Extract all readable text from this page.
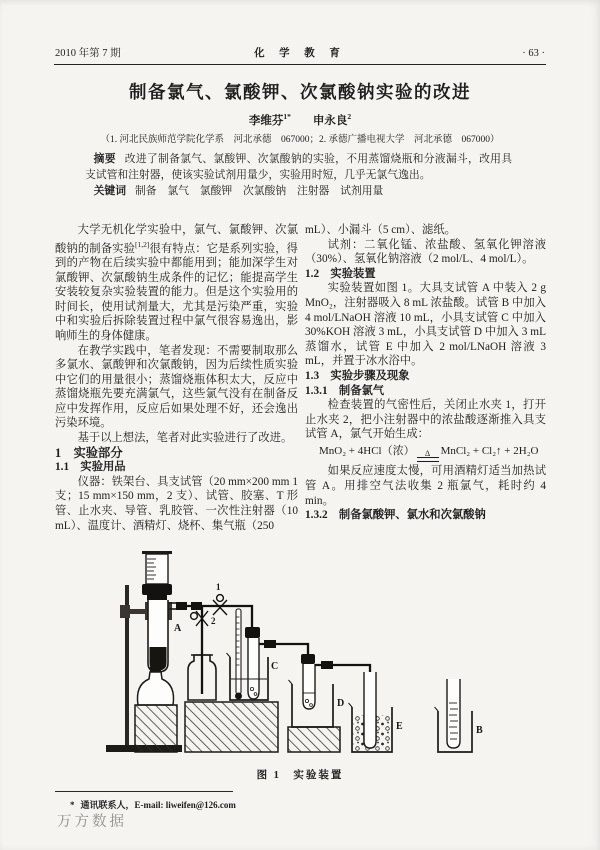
2010 年第 7 期	化 学 教 育	· 63 ·
制备氯气、氯酸钾、次氯酸钠实验的改进
李维芬$^{1*}$ 申永良$^2$
（1. 河北民族师范学院化学系　河北承德　067000；2. 承德广播电视大学　河北承德　067000）

摘要 改进了制备氯气、氯酸钾、次氯酸钠的实验，不用蒸馏烧瓶和分液漏斗，改用具支试管和注射器，使该实验试剂用量少，实验用时短，几乎无氯气逸出。

关键词 制备　氯气　氯酸钾　次氯酸钠　注射器　试剂用量

大学无机化学实验中，氯气、氯酸钾、次氯酸钠的制备实验[1,2]很有特点：它是系列实验，得到的产物在后续实验中都能用到；能加深学生对氯酸钾、次氯酸钠生成条件的记忆；能提高学生安装较复杂实验装置的能力。但是这个实验用的时间长，使用试剂量大，尤其是污染严重，实验中和实验后拆除装置过程中氯气很容易逸出，影响师生的身体健康。

在教学实践中，笔者发现：不需要制取那么多氯水、氯酸钾和次氯酸钠，因为后续性质实验中它们的用量很小；蒸馏烧瓶体积太大，反应中蒸馏烧瓶先要充满氯气，这些氯气没有在制备反应中发挥作用，反应后如果处理不好，还会逸出污染环境。

基于以上想法，笔者对此实验进行了改进。

1　实验部分

1.1　实验用品

仪器：铁架台、具支试管（20 mm×200 mm 1 支；15 mm×150 mm，2 支）、试管、胶塞、T 形管、止水夹、导管、乳胶管、一次性注射器（10 mL）、温度计、酒精灯、烧杯、集气瓶（250

mL）、小漏斗（5 cm）、滤纸。

试剂：二氧化锰、浓盐酸、氢氧化钾溶液（30%）、氢氧化钠溶液（2 mol/L、4 mol/L）。

1.2　实验装置

实验装置如图 1。大具支试管 A 中装入 2 g MnO₂，注射器吸入 8 mL 浓盐酸。试管 B 中加入 4 mol/LNaOH 溶液 10 mL，小具支试管 C 中加入 30%KOH 溶液 3 mL，小具支试管 D 中加入 3 mL 蒸馏水，试管 E 中加入 2 mol/LNaOH 溶液 3 mL，并置于冰水浴中。

1.3　实验步骤及现象

1.3.1　制备氯气

检查装置的气密性后，关闭止水夹 1，打开止水夹 2，把小注射器中的浓盐酸逐渐推入具支试管 A，氯气开始生成：

MnO₂ + 4HCl（浓） Δ MnCl₂ + Cl₂↑ + 2H₂O

如果反应速度太慢，可用酒精灯适当加热试管 A。用排空气法收集 2 瓶氯气，耗时约 4 min。

1.3.2　制备氯酸钾、氯水和次氯酸钠

A
1
2
C
D
E	B
图 1　实验装置
* 通讯联系人，E-mail: liweifen@126.com
万方数据
